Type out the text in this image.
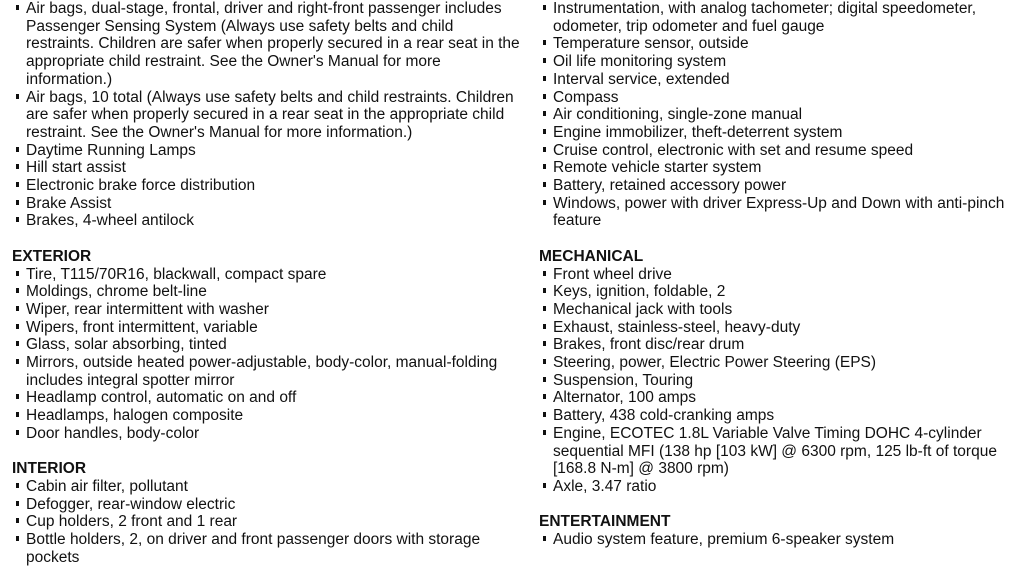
Air bags, dual-stage, frontal, driver and right-front passenger includes Passenger Sensing System (Always use safety belts and child restraints. Children are safer when properly secured in a rear seat in the appropriate child restraint. See the Owner's Manual for more information.)
Air bags, 10 total (Always use safety belts and child restraints. Children are safer when properly secured in a rear seat in the appropriate child restraint. See the Owner's Manual for more information.)
Daytime Running Lamps
Hill start assist
Electronic brake force distribution
Brake Assist
Brakes, 4-wheel antilock
EXTERIOR
Tire, T115/70R16, blackwall, compact spare
Moldings, chrome belt-line
Wiper, rear intermittent with washer
Wipers, front intermittent, variable
Glass, solar absorbing, tinted
Mirrors, outside heated power-adjustable, body-color, manual-folding includes integral spotter mirror
Headlamp control, automatic on and off
Headlamps, halogen composite
Door handles, body-color
INTERIOR
Cabin air filter, pollutant
Defogger, rear-window electric
Cup holders, 2 front and 1 rear
Bottle holders, 2, on driver and front passenger doors with storage pockets
Instrumentation, with analog tachometer; digital speedometer, odometer, trip odometer and fuel gauge
Temperature sensor, outside
Oil life monitoring system
Interval service, extended
Compass
Air conditioning, single-zone manual
Engine immobilizer, theft-deterrent system
Cruise control, electronic with set and resume speed
Remote vehicle starter system
Battery, retained accessory power
Windows, power with driver Express-Up and Down with anti-pinch feature
MECHANICAL
Front wheel drive
Keys, ignition, foldable, 2
Mechanical jack with tools
Exhaust, stainless-steel, heavy-duty
Brakes, front disc/rear drum
Steering, power, Electric Power Steering (EPS)
Suspension, Touring
Alternator, 100 amps
Battery, 438 cold-cranking amps
Engine, ECOTEC 1.8L Variable Valve Timing DOHC 4-cylinder sequential MFI (138 hp [103 kW] @ 6300 rpm, 125 lb-ft of torque [168.8 N-m] @ 3800 rpm)
Axle, 3.47 ratio
ENTERTAINMENT
Audio system feature, premium 6-speaker system
